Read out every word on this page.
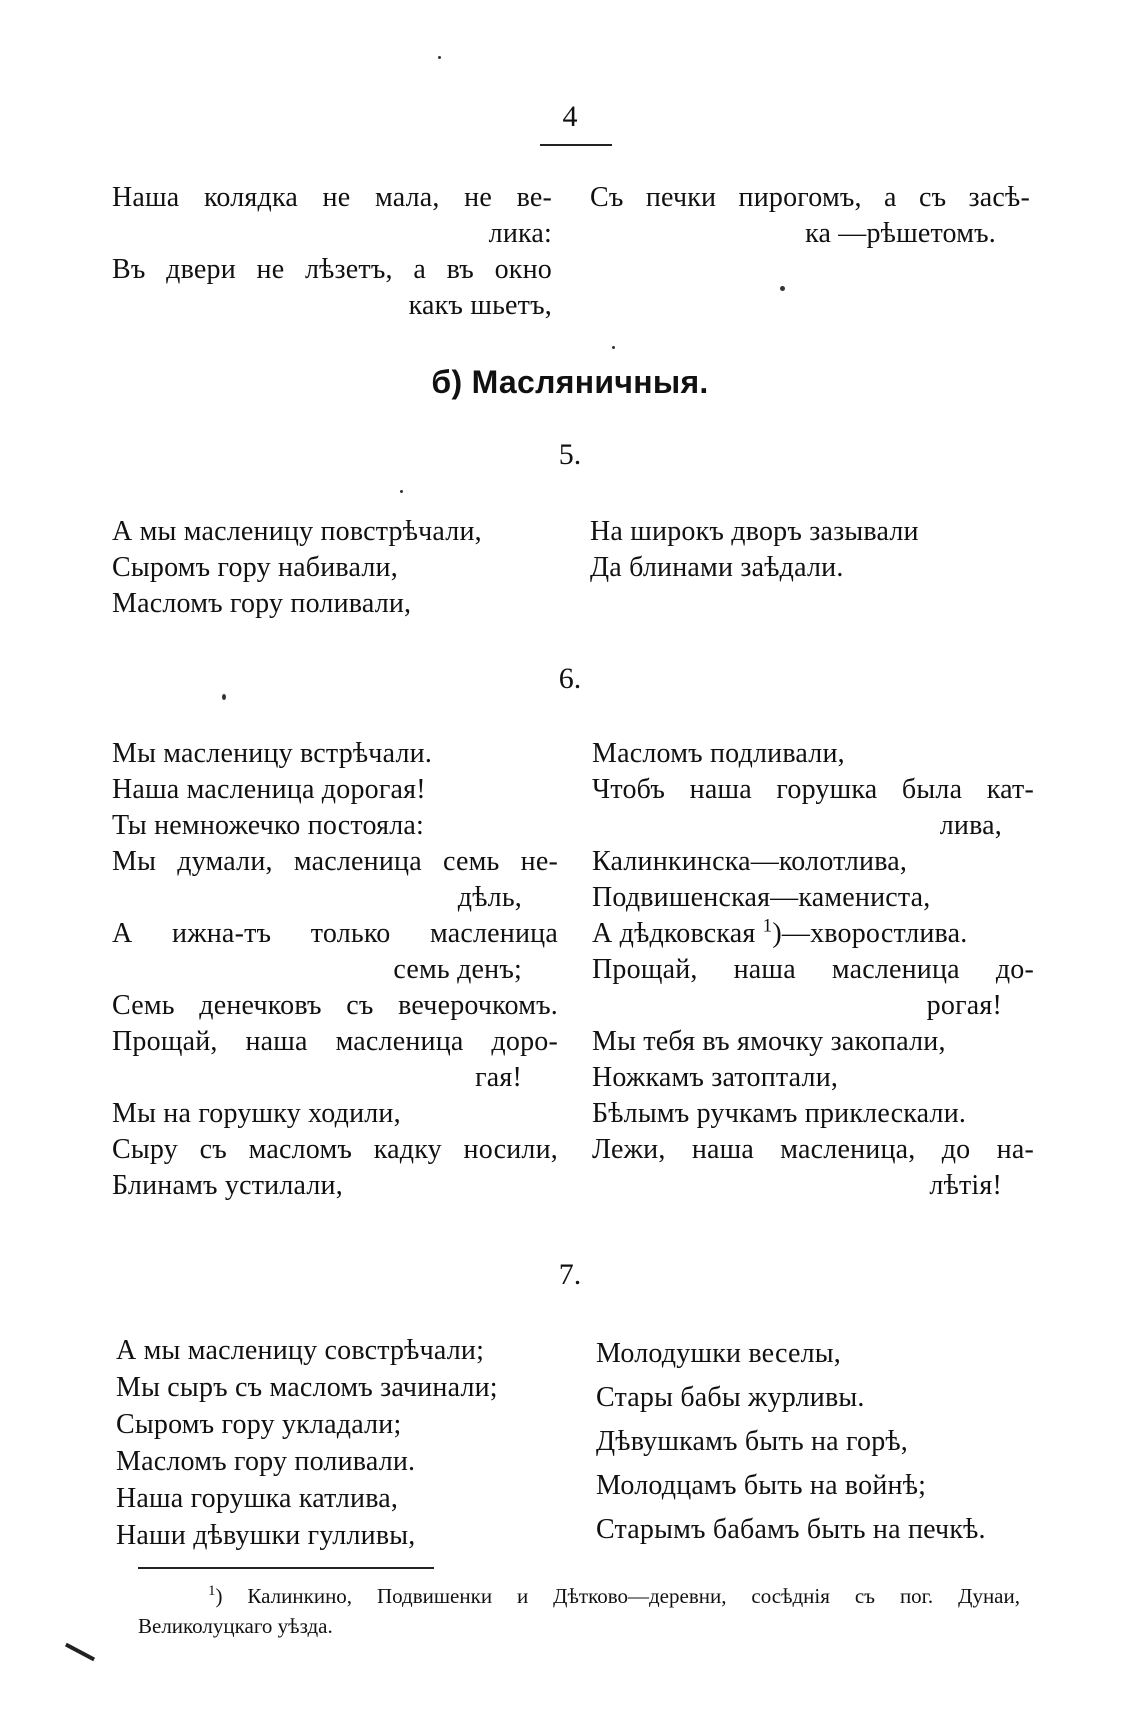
4
Наша колядка не мала, не ве-
лика:
Въ двери не лѣзетъ, а въ окно
какъ шьетъ,
Съ печки пирогомъ, а съ засѣ-
ка —рѣшетомъ.
б) Масляничныя.
5.
А мы масленицу повстрѣчали,
Сыромъ гору набивали,
Масломъ гору поливали,
На широкъ дворъ зазывали
Да блинами заѣдали.
6.
Мы масленицу встрѣчали.
Наша масленица дорогая!
Ты немножечко постояла:
Мы думали, масленица семь не-
дѣль,
А ижна-тъ только масленица
семь денъ;
Семь денечковъ съ вечерочкомъ.
Прощай, наша масленица доро-
гая!
Мы на горушку ходили,
Сыру съ масломъ кадку носили,
Блинамъ устилали,
Масломъ подливали,
Чтобъ наша горушка была кат-
лива,
Калинкинска—колотлива,
Подвишенская—камениста,
А дѣдковская $^1$)—хворостлива.
Прощай, наша масленица до-
рогая!
Мы тебя въ ямочку закопали,
Ножкамъ затоптали,
Бѣлымъ ручкамъ приклескали.
Лежи, наша масленица, до на-
лѣтія!
7.
А мы масленицу совстрѣчали;
Мы сыръ съ масломъ зачинали;
Сыромъ гору укладали;
Масломъ гору поливали.
Наша горушка катлива,
Наши дѣвушки гулливы,
Молодушки веселы,
Стары бабы журливы.
Дѣвушкамъ быть на горѣ,
Молодцамъ быть на войнѣ;
Старымъ бабамъ быть на печкѣ.
$^1$) Калинкино, Подвишенки и Дѣтково—деревни, сосѣднія съ пог. Дунаи,
Великолуцкаго уѣзда.
